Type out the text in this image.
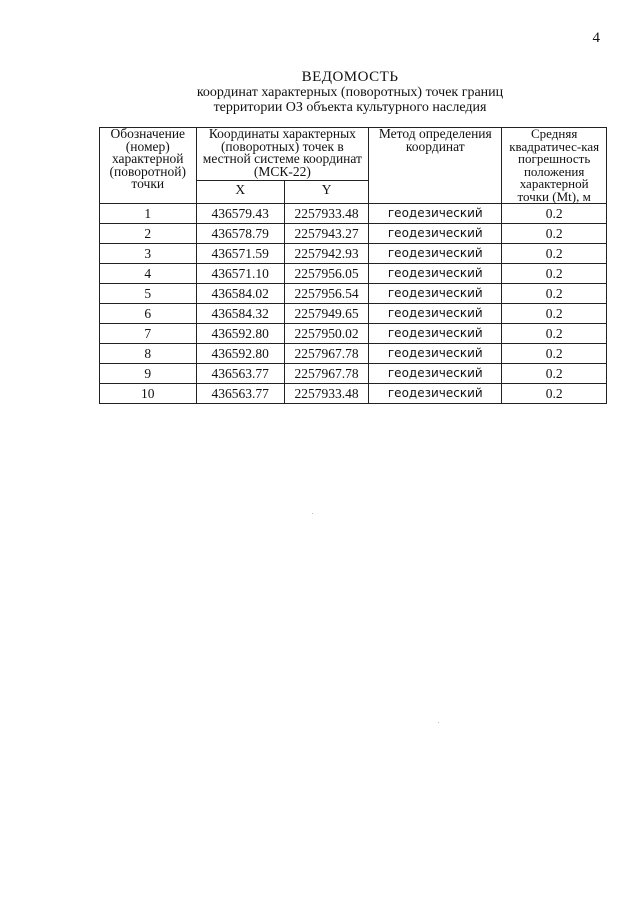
4
ВЕДОМОСТЬ
координат характерных (поворотных) точек границ
территории ОЗ объекта культурного наследия
Обозначение (номер) характерной (поворотной) точки	Координаты характерных (поворотных) точек в местной системе координат (МСК-22)		Метод определения координат	Средняя квадратичес-кая погрешность положения характерной точки (Mt), м
	X	Y		
1	436579.43	2257933.48	геодезический	0.2
2	436578.79	2257943.27	геодезический	0.2
3	436571.59	2257942.93	геодезический	0.2
4	436571.10	2257956.05	геодезический	0.2
5	436584.02	2257956.54	геодезический	0.2
6	436584.32	2257949.65	геодезический	0.2
7	436592.80	2257950.02	геодезический	0.2
8	436592.80	2257967.78	геодезический	0.2
9	436563.77	2257967.78	геодезический	0.2
10	436563.77	2257933.48	геодезический	0.2
